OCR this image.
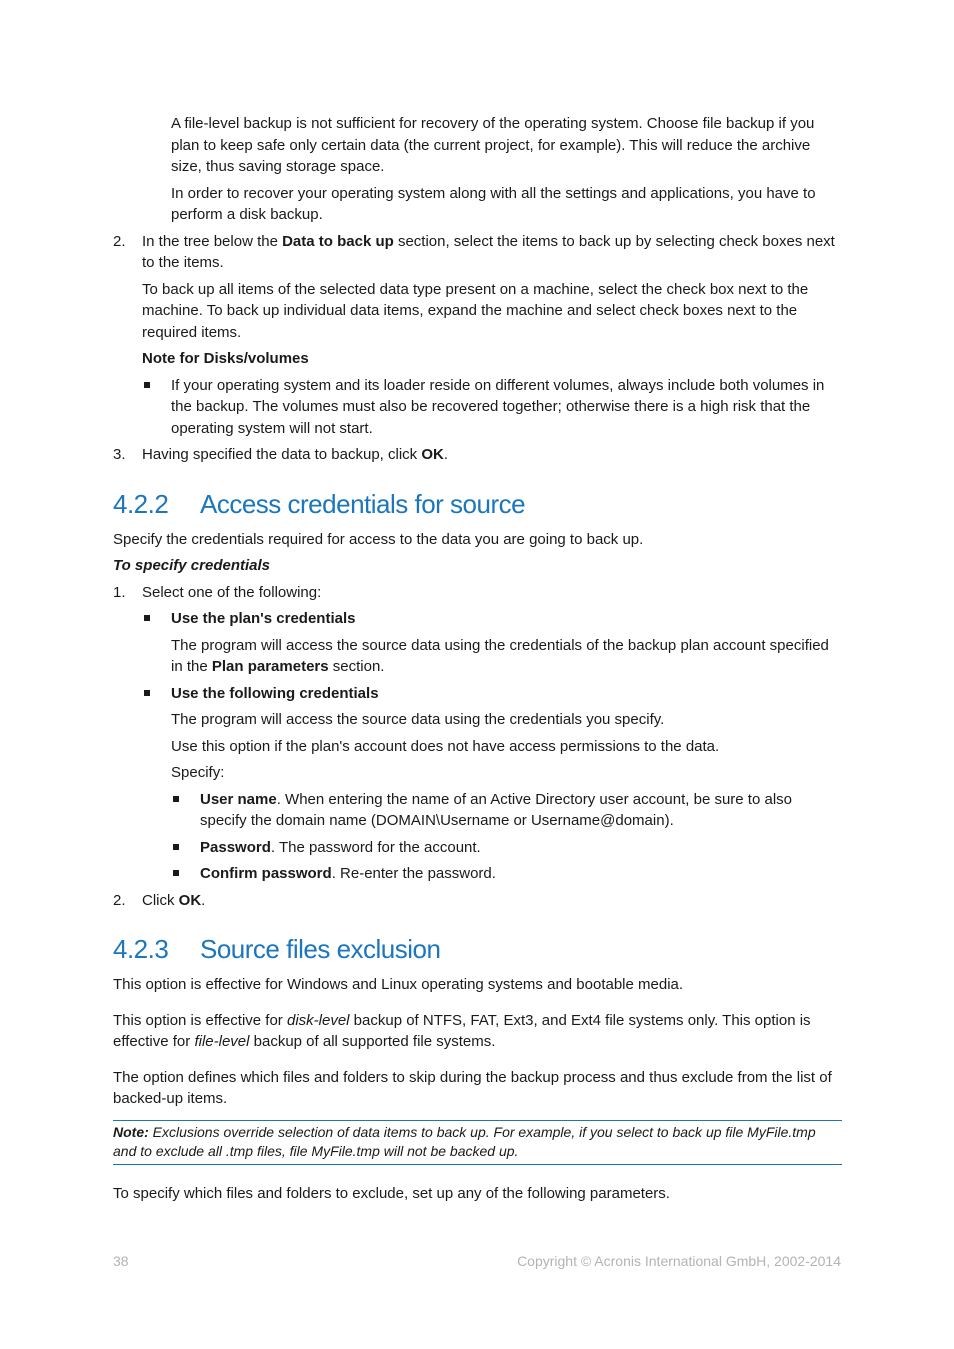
A file-level backup is not sufficient for recovery of the operating system. Choose file backup if you plan to keep safe only certain data (the current project, for example). This will reduce the archive size, thus saving storage space.

In order to recover your operating system along with all the settings and applications, you have to perform a disk backup.

2. In the tree below the Data to back up section, select the items to back up by selecting check boxes next to the items.

To back up all items of the selected data type present on a machine, select the check box next to the machine. To back up individual data items, expand the machine and select check boxes next to the required items.

Note for Disks/volumes

If your operating system and its loader reside on different volumes, always include both volumes in the backup. The volumes must also be recovered together; otherwise there is a high risk that the operating system will not start.
3. Having specified the data to backup, click OK.
4.2.2 Access credentials for source

Specify the credentials required for access to the data you are going to back up.

To specify credentials

1. Select one of the following:
Use the plan's credentials

The program will access the source data using the credentials of the backup plan account specified in the Plan parameters section.

Use the following credentials

The program will access the source data using the credentials you specify.

Use this option if the plan's account does not have access permissions to the data.

Specify:

User name. When entering the name of an Active Directory user account, be sure to also specify the domain name (DOMAIN\Username or Username@domain).
Password. The password for the account.
Confirm password. Re-enter the password.
2. Click OK.
4.2.3 Source files exclusion

This option is effective for Windows and Linux operating systems and bootable media.

This option is effective for disk-level backup of NTFS, FAT, Ext3, and Ext4 file systems only. This option is effective for file-level backup of all supported file systems.

The option defines which files and folders to skip during the backup process and thus exclude from the list of backed-up items.

Note: Exclusions override selection of data items to back up. For example, if you select to back up file MyFile.tmp and to exclude all .tmp files, file MyFile.tmp will not be backed up.

To specify which files and folders to exclude, set up any of the following parameters.

38	Copyright © Acronis International GmbH, 2002-2014
